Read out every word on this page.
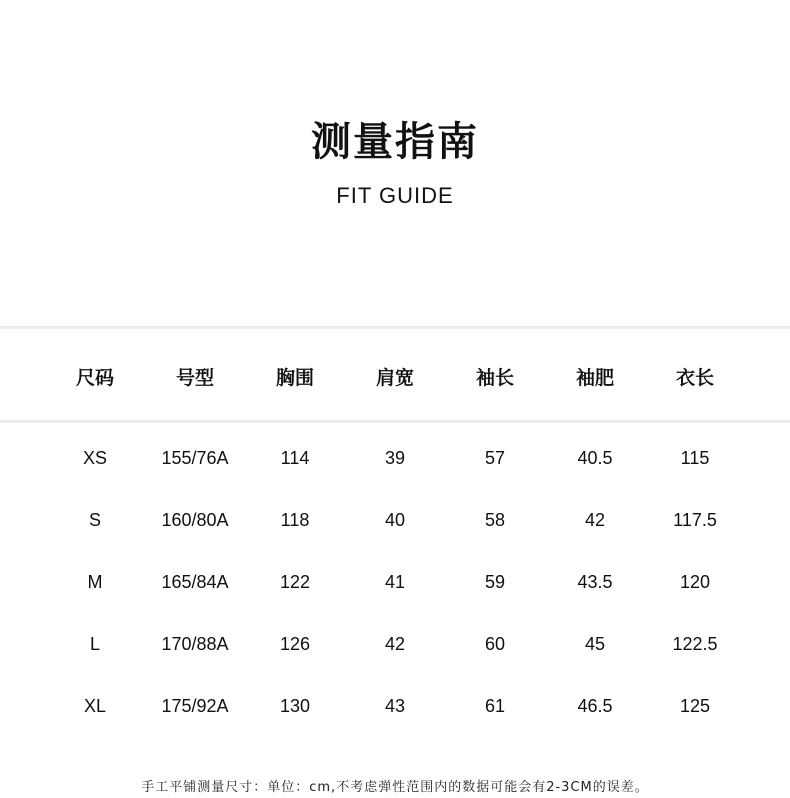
测量指南
FIT GUIDE
尺码	号型	胸围	肩宽	袖长	袖肥	衣长
XS	155/76A	114	39	57	40.5	115
S	160/80A	118	40	58	42	117.5
M	165/84A	122	41	59	43.5	120
L	170/88A	126	42	60	45	122.5
XL	175/92A	130	43	61	46.5	125
手工平铺测量尺寸：单位：cm,不考虑弹性范围内的数据可能会有2-3CM的误差。
